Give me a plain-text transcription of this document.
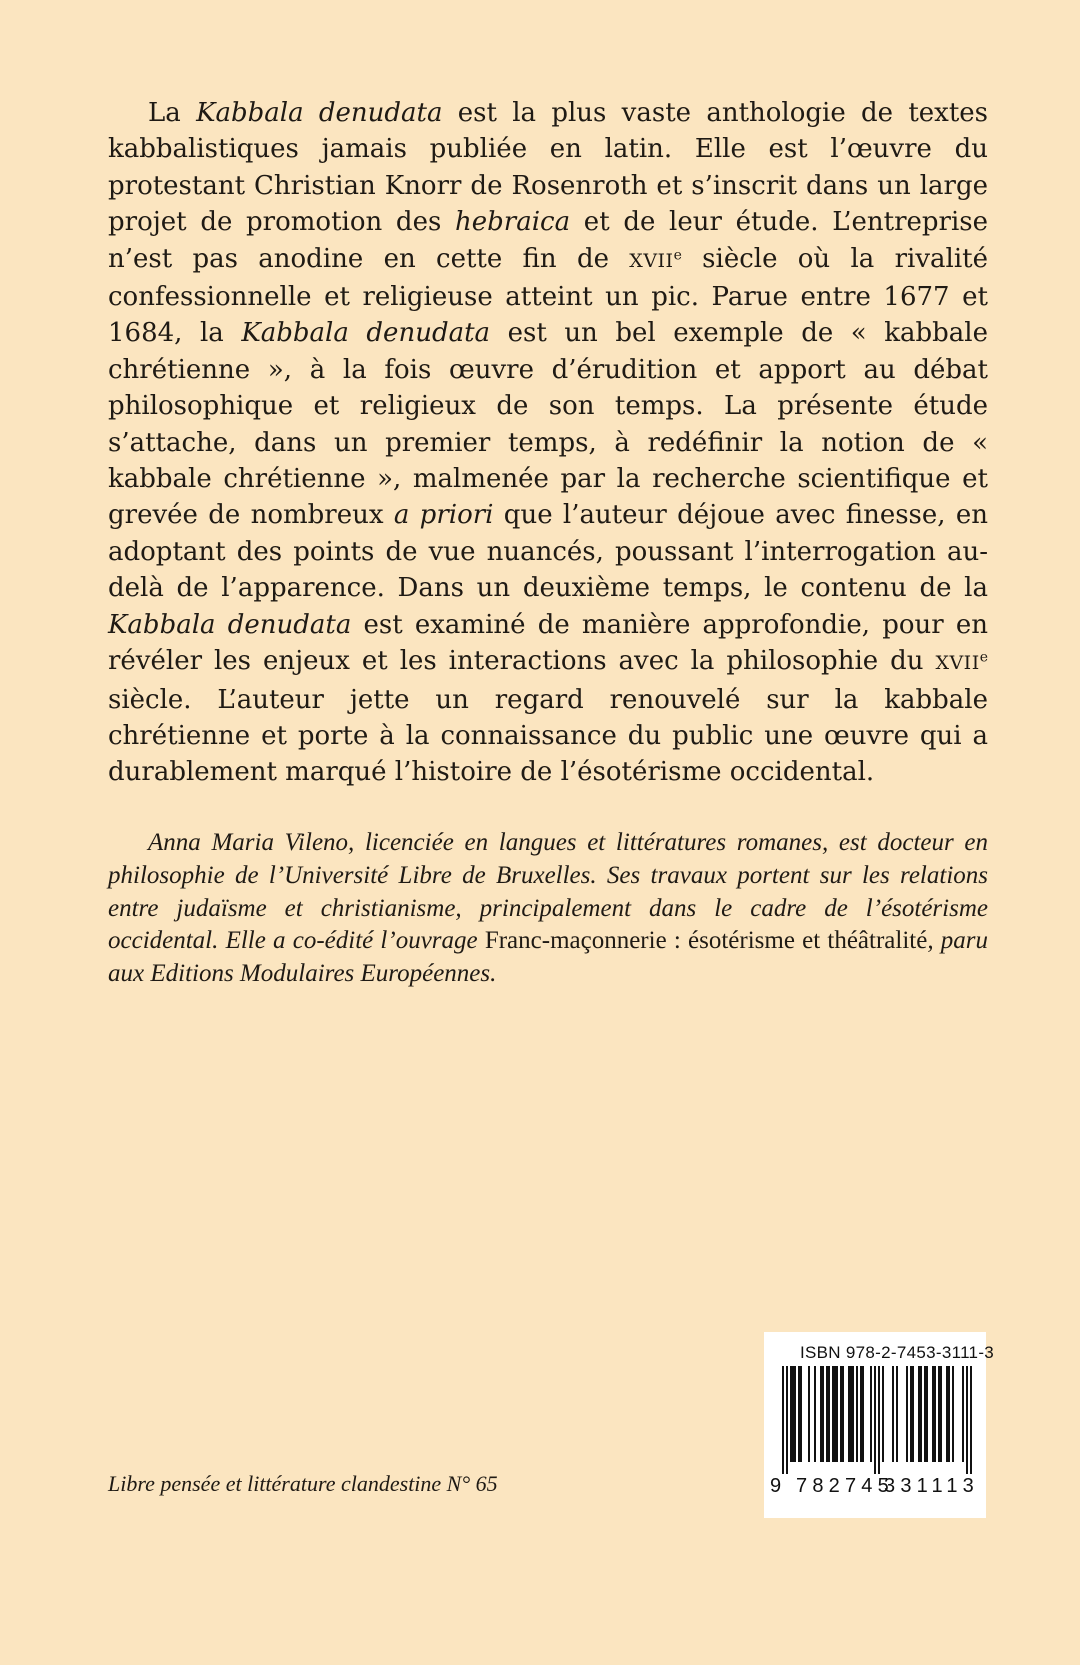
La Kabbala denudata est la plus vaste anthologie de textes kabbalistiques jamais publiée en latin. Elle est l’œuvre du protestant Christian Knorr de Rosenroth et s’inscrit dans un large projet de promotion des hebraica et de leur étude. L’entreprise n’est pas anodine en cette fin de XVIIe siècle où la rivalité confessionnelle et religieuse atteint un pic. Parue entre 1677 et 1684, la Kabbala denudata est un bel exemple de « kabbale chrétienne », à la fois œuvre d’érudition et apport au débat philosophique et religieux de son temps. La présente étude s’attache, dans un premier temps, à redéfinir la notion de « kabbale chrétienne », malmenée par la recherche scientifique et grevée de nombreux a priori que l’auteur déjoue avec finesse, en adoptant des points de vue nuancés, poussant l’interrogation au-delà de l’apparence. Dans un deuxième temps, le contenu de la Kabbala denudata est examiné de manière approfondie, pour en révéler les enjeux et les interactions avec la philosophie du XVIIe siècle. L’auteur jette un regard renouvelé sur la kabbale chrétienne et porte à la connaissance du public une œuvre qui a durablement marqué l’histoire de l’ésotérisme occidental.

Anna Maria Vileno, licenciée en langues et littératures romanes, est docteur en philosophie de l’Université Libre de Bruxelles. Ses travaux portent sur les relations entre judaïsme et christianisme, principalement dans le cadre de l’ésotérisme occidental. Elle a co-édité l’ouvrage Franc-maçonnerie : ésotérisme et théâtralité, paru aux Editions Modulaires Européennes.

Libre pensée et littérature clandestine N° 65

ISBN 978-2-7453-3111-3
9 782745
331113
